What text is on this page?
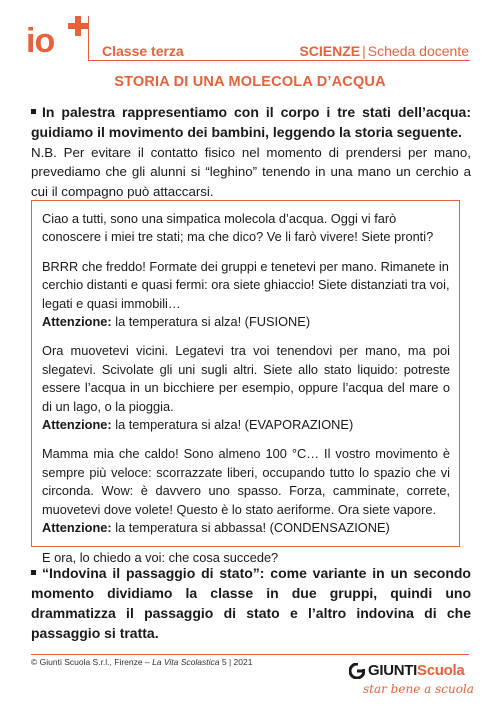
io	Classe terza	SCIENZE | Scheda docente
STORIA DI UNA MOLECOLA D’ACQUA
In palestra rappresentiamo con il corpo i tre stati dell’acqua: guidiamo il movimento dei bambini, leggendo la storia seguente.
N.B. Per evitare il contatto fisico nel momento di prendersi per mano, prevediamo che gli alunni si “leghino” tenendo in una mano un cerchio a cui il compagno può attaccarsi.

Ciao a tutti, sono una simpatica molecola d’acqua. Oggi vi farò conoscere i miei tre stati; ma che dico? Ve li farò vivere! Siete pronti?

BRRR che freddo! Formate dei gruppi e tenetevi per mano. Rimanete in cerchio distanti e quasi fermi: ora siete ghiaccio! Siete distanziati tra voi, legati e quasi immobili…
Attenzione: la temperatura si alza! (FUSIONE)

Ora muovetevi vicini. Legatevi tra voi tenendovi per mano, ma poi slegatevi. Scivolate gli uni sugli altri. Siete allo stato liquido: potreste essere l’acqua in un bicchiere per esempio, oppure l’acqua del mare o di un lago, o la pioggia.
Attenzione: la temperatura si alza! (EVAPORAZIONE)

Mamma mia che caldo! Sono almeno 100 °C… Il vostro movimento è sempre più veloce: scorrazzate liberi, occupando tutto lo spazio che vi circonda. Wow: è davvero uno spasso. Forza, camminate, correte, muovetevi dove volete! Questo è lo stato aeriforme. Ora siete vapore.
Attenzione: la temperatura si abbassa! (CONDENSAZIONE)

E ora, lo chiedo a voi: che cosa succede?

“Indovina il passaggio di stato”: come variante in un secondo momento dividiamo la classe in due gruppi, quindi uno drammatizza il passaggio di stato e l’altro indovina di che passaggio si tratta.
© Giunti Scuola S.r.l., Firenze – La Vita Scolastica 5 | 2021	GIUNTIScuola
star bene a scuola
